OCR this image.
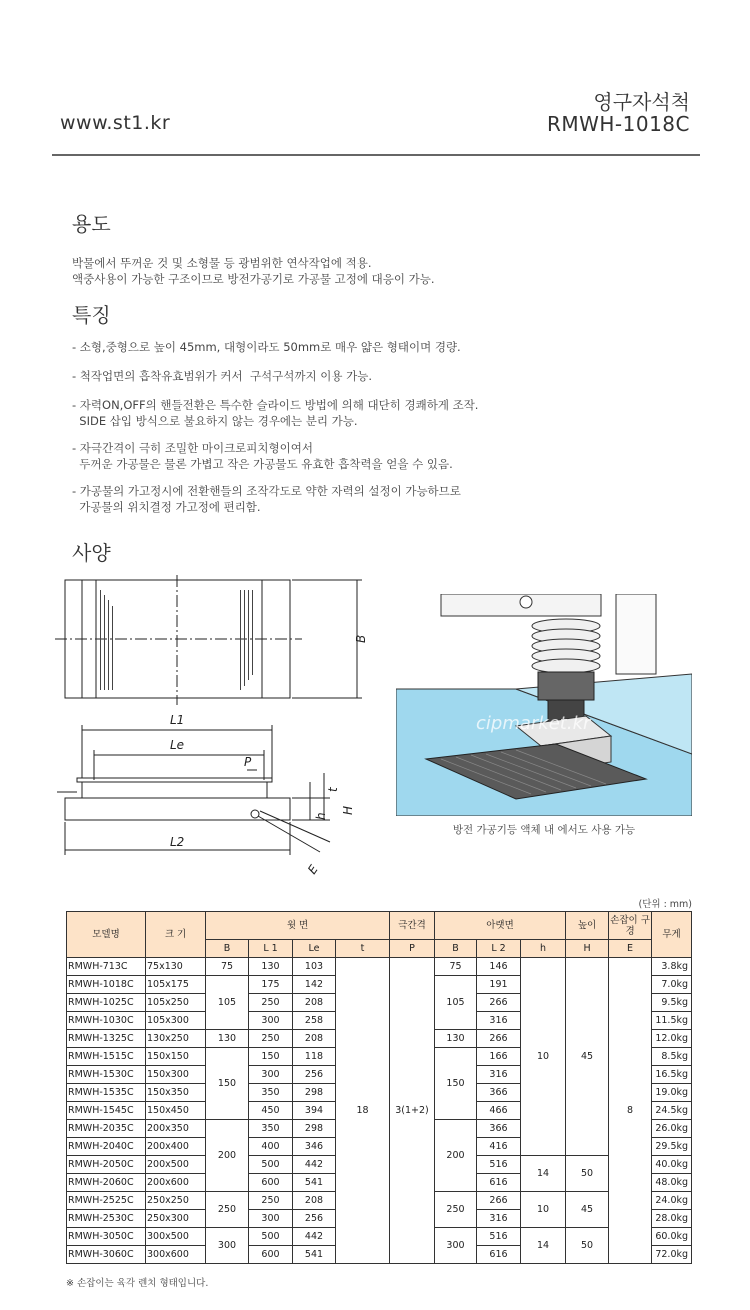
www.st1.kr
영구자석척
RMWH-1018C
용도
박물에서 뚜꺼운 것 및 소형물 등 광범위한 연삭작업에 적용.
액중사용이 가능한 구조이므로 방전가공기로 가공물 고정에 대응이 가능.
특징
- 소형,중형으로 높이 45mm, 대형이라도 50mm로 매우 얇은 형태이며 경량.
- 척작업면의 흡착유효범위가 커서  구석구석까지 이용 가능.
- 자력ON,OFF의 핸들전환은 특수한 슬라이드 방법에 의해 대단히 경쾌하게 조작.
SIDE 삽입 방식으로 불요하지 않는 경우에는 분리 가능.
- 자극간격이 극히 조밀한 마이크로피치형이여서
두꺼운 가공물은 물론 가볍고 작은 가공물도 유효한 흡착력을 얻을 수 있음.
- 가공물의 가고정시에 전환핸들의 조작각도로 약한 자력의 설정이 가능하므로
가공물의 위치결정 가고정에 편리함.
사양
B
L1
Le
P
t
H
h
L2
E
cipmarket.kr
방전 가공기등 액체 내 에서도 사용 가능
(단위 : mm)
모델명	크 기	윗 면				극간격	아랫면			높이	손잡이 구경	무게
		B	L 1	Le	t	P	B	L 2	h	H	E	
RMWH-713C	75x130	75	130	103	18	3(1+2)	75	146	10	45	8	3.8kg
RMWH-1018C	105x175	105	175	142			105	191				7.0kg
RMWH-1025C	105x250		250	208				266				9.5kg
RMWH-1030C	105x300		300	258				316				11.5kg
RMWH-1325C	130x250	130	250	208			130	266				12.0kg
RMWH-1515C	150x150	150	150	118			150	166				8.5kg
RMWH-1530C	150x300		300	256				316				16.5kg
RMWH-1535C	150x350		350	298				366				19.0kg
RMWH-1545C	150x450		450	394				466				24.5kg
RMWH-2035C	200x350	200	350	298			200	366				26.0kg
RMWH-2040C	200x400		400	346				416				29.5kg
RMWH-2050C	200x500		500	442				516	14	50		40.0kg
RMWH-2060C	200x600		600	541				616				48.0kg
RMWH-2525C	250x250	250	250	208			250	266	10	45		24.0kg
RMWH-2530C	250x300		300	256				316				28.0kg
RMWH-3050C	300x500	300	500	442			300	516	14	50		60.0kg
RMWH-3060C	300x600		600	541				616				72.0kg
※ 손잡이는 육각 렌치 형태입니다.
